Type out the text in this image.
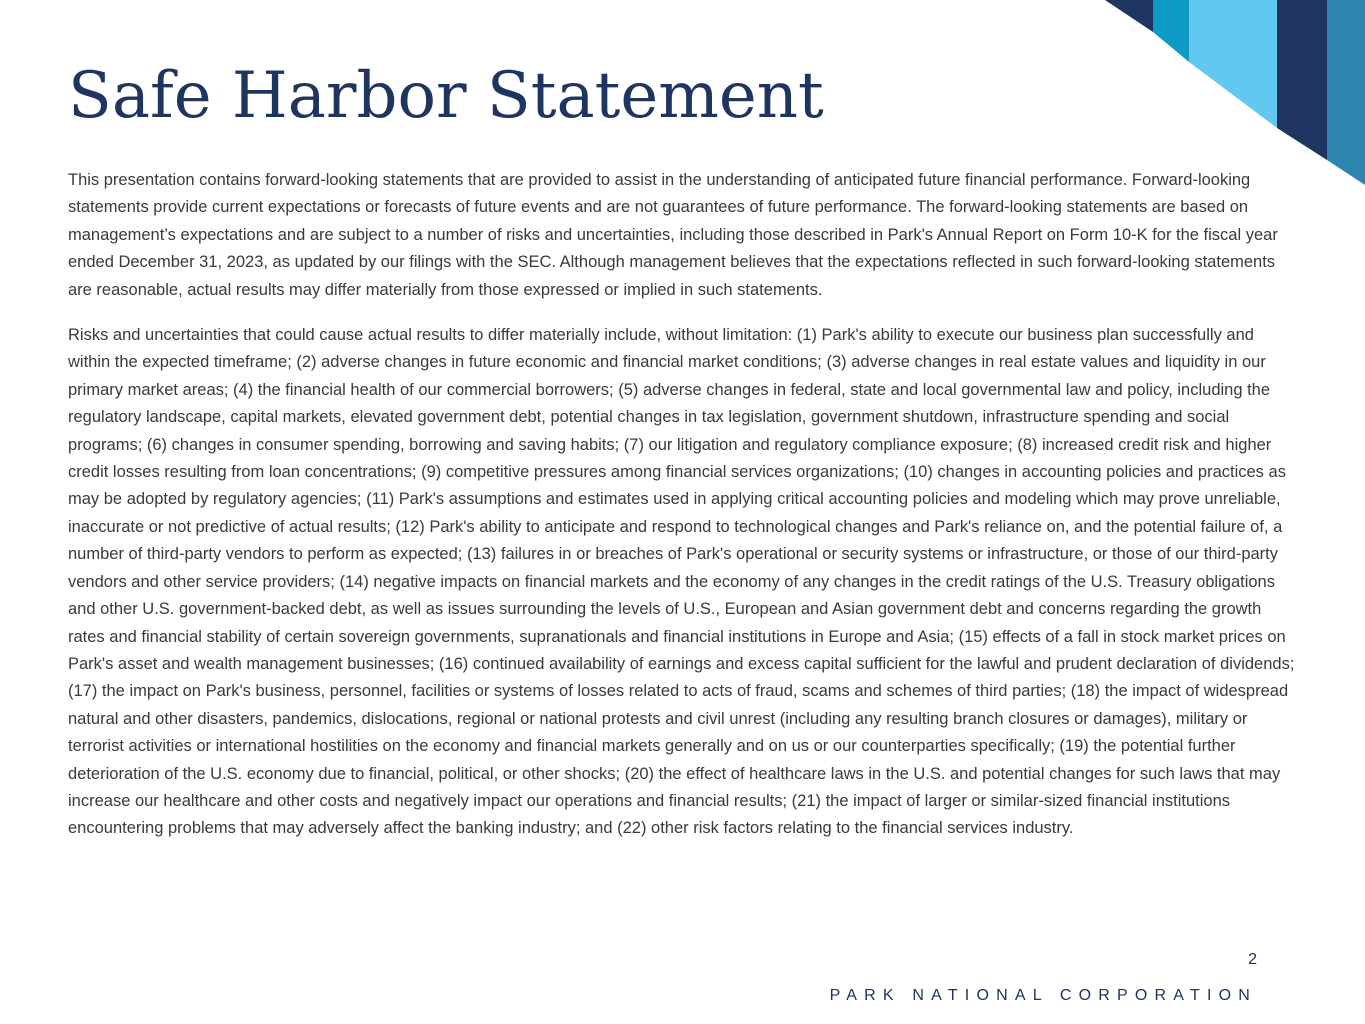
Safe Harbor Statement

This presentation contains forward-looking statements that are provided to assist in the understanding of anticipated future financial performance. Forward-looking statements provide current expectations or forecasts of future events and are not guarantees of future performance. The forward-looking statements are based on management’s expectations and are subject to a number of risks and uncertainties, including those described in Park's Annual Report on Form 10-K for the fiscal year ended December 31, 2023, as updated by our filings with the SEC. Although management believes that the expectations reflected in such forward-looking statements are reasonable, actual results may differ materially from those expressed or implied in such statements.

Risks and uncertainties that could cause actual results to differ materially include, without limitation: (1) Park's ability to execute our business plan successfully and within the expected timeframe; (2) adverse changes in future economic and financial market conditions; (3) adverse changes in real estate values and liquidity in our primary market areas; (4) the financial health of our commercial borrowers; (5) adverse changes in federal, state and local governmental law and policy, including the regulatory landscape, capital markets, elevated government debt, potential changes in tax legislation, government shutdown, infrastructure spending and social programs; (6) changes in consumer spending, borrowing and saving habits; (7) our litigation and regulatory compliance exposure; (8) increased credit risk and higher credit losses resulting from loan concentrations; (9) competitive pressures among financial services organizations; (10) changes in accounting policies and practices as may be adopted by regulatory agencies; (11) Park's assumptions and estimates used in applying critical accounting policies and modeling which may prove unreliable, inaccurate or not predictive of actual results; (12) Park's ability to anticipate and respond to technological changes and Park's reliance on, and the potential failure of, a number of third-party vendors to perform as expected; (13) failures in or breaches of Park's operational or security systems or infrastructure, or those of our third-party vendors and other service providers; (14) negative impacts on financial markets and the economy of any changes in the credit ratings of the U.S. Treasury obligations and other U.S. government-backed debt, as well as issues surrounding the levels of U.S., European and Asian government debt and concerns regarding the growth rates and financial stability of certain sovereign governments, supranationals and financial institutions in Europe and Asia; (15) effects of a fall in stock market prices on Park's asset and wealth management businesses; (16) continued availability of earnings and excess capital sufficient for the lawful and prudent declaration of dividends; (17) the impact on Park's business, personnel, facilities or systems of losses related to acts of fraud, scams and schemes of third parties; (18) the impact of widespread natural and other disasters, pandemics, dislocations, regional or national protests and civil unrest (including any resulting branch closures or damages), military or terrorist activities or international hostilities on the economy and financial markets generally and on us or our counterparties specifically; (19) the potential further deterioration of the U.S. economy due to financial, political, or other shocks; (20) the effect of healthcare laws in the U.S. and potential changes for such laws that may increase our healthcare and other costs and negatively impact our operations and financial results; (21) the impact of larger or similar-sized financial institutions encountering problems that may adversely affect the banking industry; and (22) other risk factors relating to the financial services industry.

2
PARK NATIONAL CORPORATION
